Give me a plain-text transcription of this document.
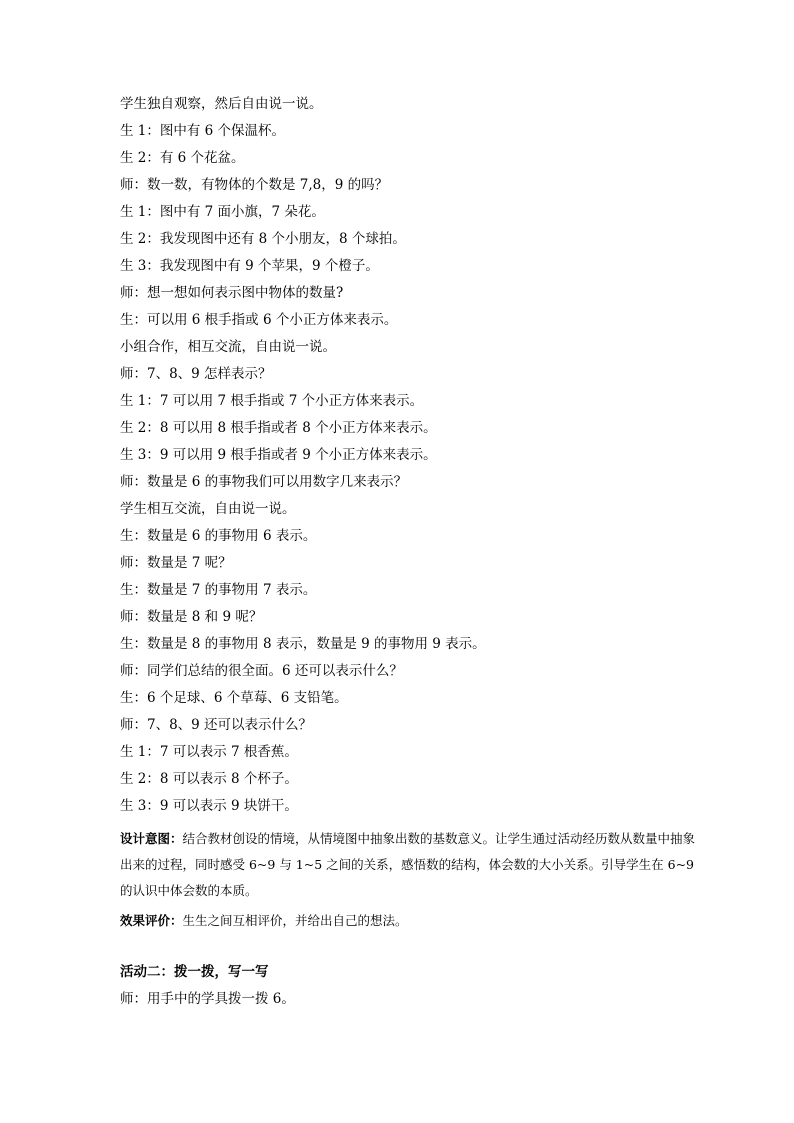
学生独自观察，然后自由说一说。
生 1：图中有 6 个保温杯。
生 2：有 6 个花盆。
师：数一数，有物体的个数是 7,8，9 的吗？
生 1：图中有 7 面小旗，7 朵花。
生 2：我发现图中还有 8 个小朋友，8 个球拍。
生 3：我发现图中有 9 个苹果，9 个橙子。
师：想一想如何表示图中物体的数量?
生：可以用 6 根手指或 6 个小正方体来表示。
小组合作，相互交流，自由说一说。
师：7、8、9 怎样表示？
生 1：7 可以用 7 根手指或 7 个小正方体来表示。
生 2：8 可以用 8 根手指或者 8 个小正方体来表示。
生 3：9 可以用 9 根手指或者 9 个小正方体来表示。
师：数量是 6 的事物我们可以用数字几来表示？
学生相互交流，自由说一说。
生：数量是 6 的事物用 6 表示。
师：数量是 7 呢？
生：数量是 7 的事物用 7 表示。
师：数量是 8 和 9 呢？
生：数量是 8 的事物用 8 表示，数量是 9 的事物用 9 表示。
师：同学们总结的很全面。6 还可以表示什么？
生：6 个足球、6 个草莓、6 支铅笔。
师：7、8、9 还可以表示什么？
生 1：7 可以表示 7 根香蕉。
生 2：8 可以表示 8 个杯子。
生 3：9 可以表示 9 块饼干。
设计意图：结合教材创设的情境，从情境图中抽象出数的基数意义。让学生通过活动经历数从数量中抽象出来的过程，同时感受 6~9 与 1~5 之间的关系，感悟数的结构，体会数的大小关系。引导学生在 6~9 的认识中体会数的本质。
效果评价：生生之间互相评价，并给出自己的想法。
活动二：拨一拨，写一写
师：用手中的学具拨一拨 6。
